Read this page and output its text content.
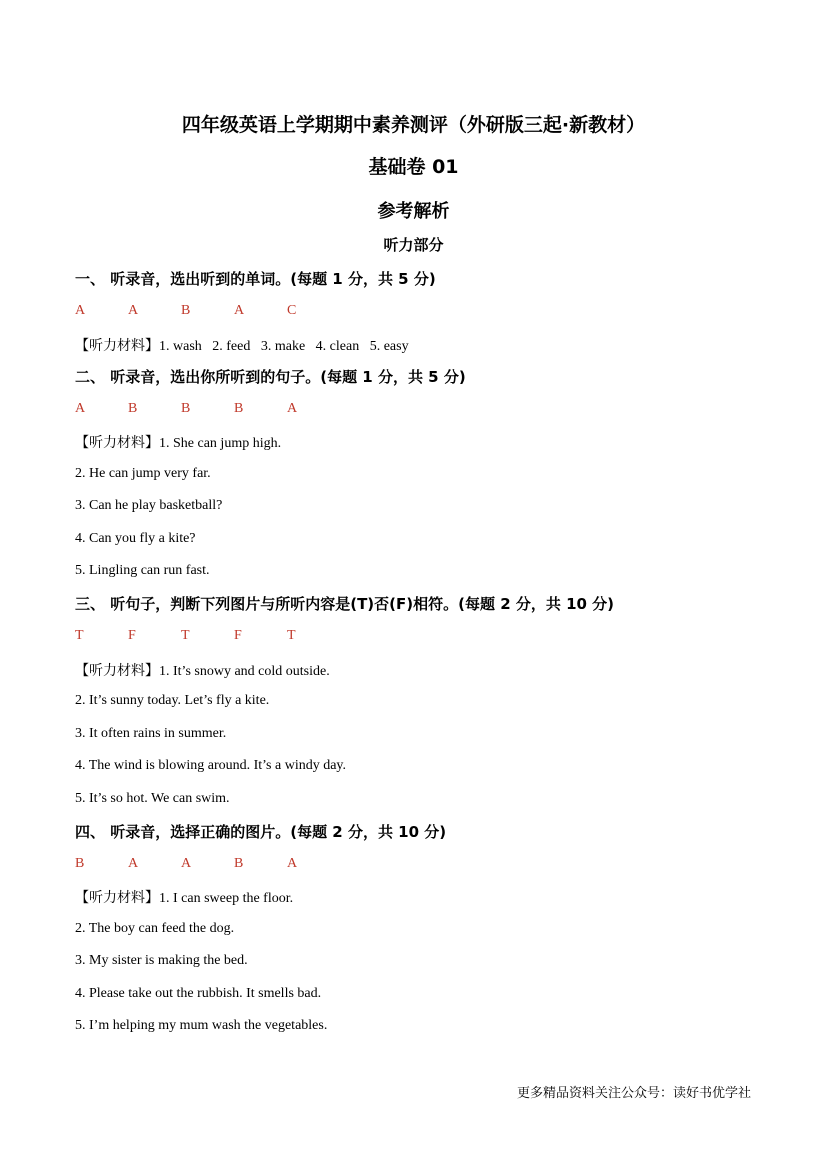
四年级英语上学期期中素养测评（外研版三起·新教材）
基础卷 01
参考解析
听力部分
一、 听录音，选出听到的单词。(每题 1 分，共 5 分)
A	A	B	A	C
【听力材料】1. wash   2. feed   3. make   4. clean   5. easy
二、 听录音，选出你所听到的句子。(每题 1 分，共 5 分)
A	B	B	B	A
【听力材料】1. She can jump high.
2. He can jump very far.
3. Can he play basketball?
4. Can you fly a kite?
5. Lingling can run fast.
三、 听句子，判断下列图片与所听内容是(T)否(F)相符。(每题 2 分，共 10 分)
T	F	T	F	T
【听力材料】1. It’s snowy and cold outside.
2. It’s sunny today. Let’s fly a kite.
3. It often rains in summer.
4. The wind is blowing around. It’s a windy day.
5. It’s so hot. We can swim.
四、 听录音，选择正确的图片。(每题 2 分，共 10 分)
B	A	A	B	A
【听力材料】1. I can sweep the floor.
2. The boy can feed the dog.
3. My sister is making the bed.
4. Please take out the rubbish. It smells bad.
5. I’m helping my mum wash the vegetables.
更多精品资料关注公众号：读好书优学社
